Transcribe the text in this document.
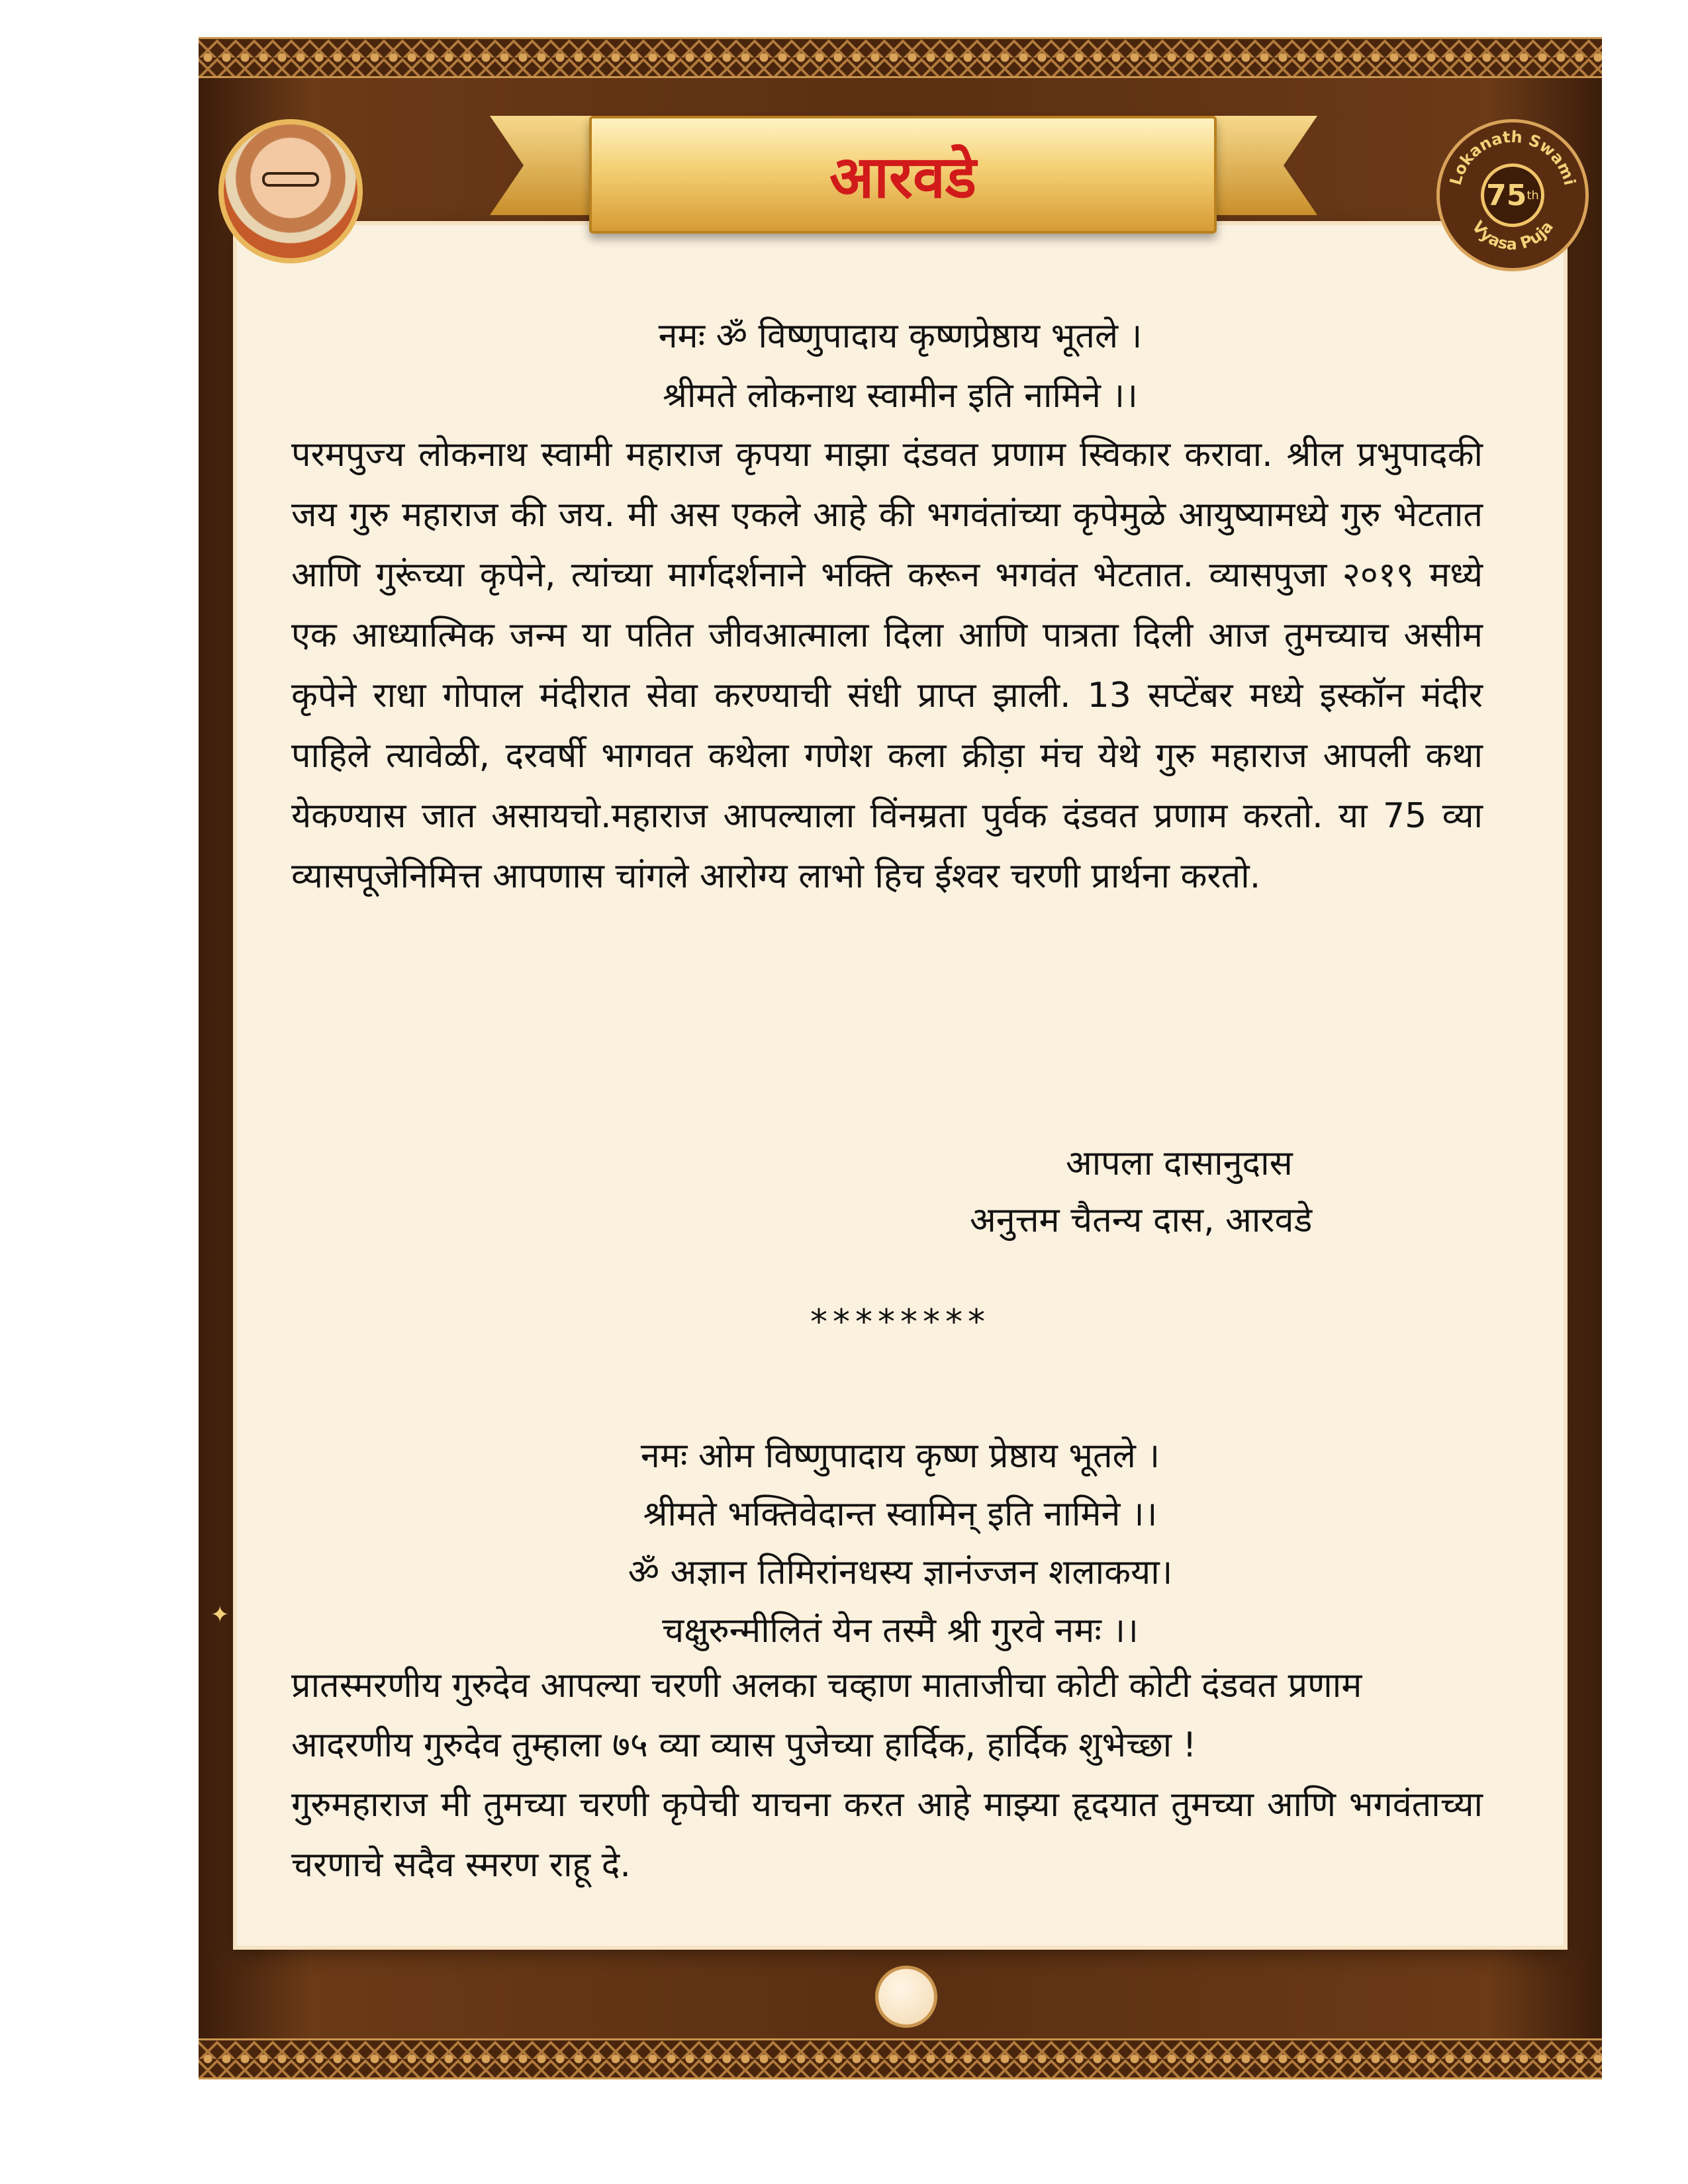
आरवडे	Lokanath Swami
Vyasa Puja
75 th
नमः ॐ विष्णुपादाय कृष्णप्रेष्ठाय भूतले ।
श्रीमते लोकनाथ स्वामीन इति नामिने ।।
परमपुज्य लोकनाथ स्वामी महाराज कृपया माझा दंडवत प्रणाम स्विकार करावा. श्रील प्रभुपादकी जय गुरु महाराज की जय. मी अस एकले आहे की भगवंतांच्या कृपेमुळे आयुष्यामध्ये गुरु भेटतात आणि गुरूंच्या कृपेने, त्यांच्या मार्गदर्शनाने भक्ति करून भगवंत भेटतात. व्यासपुजा २०१९ मध्ये एक आध्यात्मिक जन्म या पतित जीवआत्माला दिला आणि पात्रता दिली आज तुमच्याच असीम कृपेने राधा गोपाल मंदीरात सेवा करण्याची संधी प्राप्त झाली. 13 सप्टेंबर मध्ये इस्कॉन मंदीर पाहिले त्यावेळी, दरवर्षी भागवत कथेला गणेश कला क्रीड़ा मंच येथे गुरु महाराज आपली कथा येकण्यास जात असायचो.महाराज आपल्याला विंनम्रता पुर्वक दंडवत प्रणाम करतो. या 75 व्या व्यासपूजेनिमित्त आपणास चांगले आरोग्य लाभो हिच ईश्वर चरणी प्रार्थना करतो.
आपला दासानुदास
अनुत्तम चैतन्य दास, आरवडे
********
नमः ओम विष्णुपादाय कृष्ण प्रेष्ठाय भूतले ।
श्रीमते भक्तिवेदान्त स्वामिन् इति नामिने ।।
ॐ अज्ञान तिमिरांनधस्य ज्ञानंज्जन शलाकया।
चक्षुरुन्मीलितं येन तस्मै श्री गुरवे नमः ।।
प्रातस्मरणीय गुरुदेव आपल्या चरणी अलका चव्हाण माताजीचा कोटी कोटी दंडवत प्रणाम
आदरणीय गुरुदेव तुम्हाला ७५ व्या व्यास पुजेच्या हार्दिक, हार्दिक शुभेच्छा !
गुरुमहाराज मी तुमच्या चरणी कृपेची याचना करत आहे माझ्या हृदयात तुमच्या आणि भगवंताच्या चरणाचे सदैव स्मरण राहू दे.
✦
